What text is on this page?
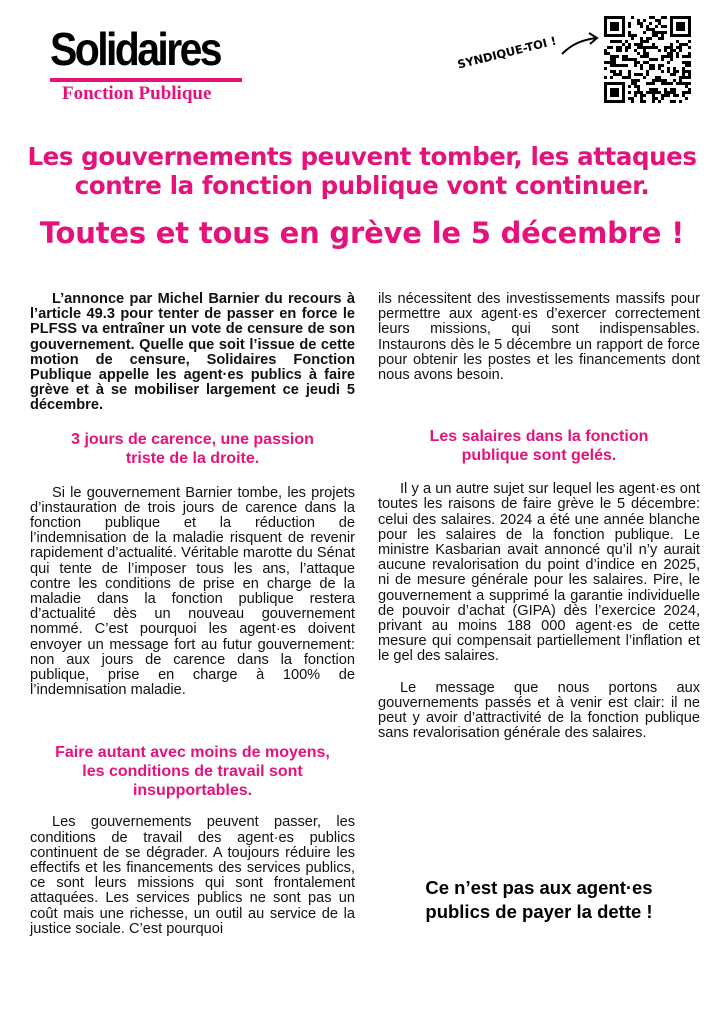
Solidaires
Fonction Publique
SYNDIQUE-TOI !
Les gouvernements peuvent tomber, les attaques
contre la fonction publique vont continuer.
Toutes et tous en grève le 5 décembre !

L’annonce par Michel Barnier du recours à l’article 49.3 pour tenter de passer en force le PLFSS va entraîner un vote de censure de son gouvernement. Quelle que soit l’issue de cette motion de censure, Solidaires Fonction Publique appelle les agent·es publics à faire grève et à se mobiliser largement ce jeudi 5 décembre.

3 jours de carence, une passion
triste de la droite.

Si le gouvernement Barnier tombe, les projets d’instauration de trois jours de carence dans la fonction publique et la réduction de l’indemnisation de la maladie risquent de revenir rapidement d’actualité. Véritable marotte du Sénat qui tente de l’imposer tous les ans, l’attaque contre les conditions de prise en charge de la maladie dans la fonction publique restera d’actualité dès un nouveau gouvernement nommé. C’est pourquoi les agent·es doivent envoyer un message fort au futur gouvernement: non aux jours de carence dans la fonction publique, prise en charge à 100% de l’indemnisation maladie.

Faire autant avec moins de moyens,
les conditions de travail sont
insupportables.

Les gouvernements peuvent passer, les conditions de travail des agent·es publics continuent de se dégrader. A toujours réduire les effectifs et les financements des services publics, ce sont leurs missions qui sont frontalement attaquées. Les services publics ne sont pas un coût mais une richesse, un outil au service de la justice sociale. C’est pourquoi

ils nécessitent des investissements massifs pour permettre aux agent·es d’exercer correctement leurs missions, qui sont indispensables. Instaurons dès le 5 décembre un rapport de force pour obtenir les postes et les financements dont nous avons besoin.

Les salaires dans la fonction
publique sont gelés.

Il y a un autre sujet sur lequel les agent·es ont toutes les raisons de faire grève le 5 décembre: celui des salaires. 2024 a été une année blanche pour les salaires de la fonction publique. Le ministre Kasbarian avait annoncé qu’il n’y aurait aucune revalorisation du point d’indice en 2025, ni de mesure générale pour les salaires. Pire, le gouvernement a supprimé la garantie individuelle de pouvoir d’achat (GIPA) dès l’exercice 2024, privant au moins 188 000 agent·es de cette mesure qui compensait partiellement l’inflation et le gel des salaires.

Le message que nous portons aux gouvernements passés et à venir est clair: il ne peut y avoir d’attractivité de la fonction publique sans revalorisation générale des salaires.

Ce n’est pas aux agent·es
publics de payer la dette !
